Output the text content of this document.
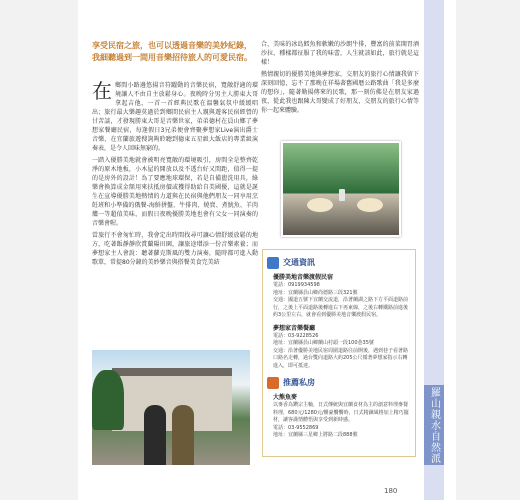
羅山親水自然派
享受民宿之旅，也可以透過音樂的美妙紀錄，我細聽過到一間用音樂招待旅人的可愛民宿。

在鄉間小路邊悠揚音符躍動的音樂民宿，寬敞舒適的環境讓人不由自主放鬆身心。夜晚時分男主人勝東大哥拿起吉他，一首一首經典民歌在溫馨氣氛中緩緩唱出；旅行最大樂趣莫過於到鄉間民宿主人親與遊客民宿經營的甘苦談，才發現勝東大哥是音樂世家，弟弟德村在員山鄉了夢想家餐廳民宿，每逢假日3兄弟便會齊聚夢想家Live演出爵士音樂，在宜蘭旅遊搜詢夠聆聽到德東五星級大飯店的專業級演奏表，是令人回味無窮的。

一踏入優勝美地就會被明亮寬敞的環境吸引，房間全是整齊乾淨的原木地板，小木屋的開放以及不透台好又間距，值得一提的是房外的設計！為了要應地球環保，若是自備盥洗用具，綠樂會換算成金額用來扶抵房價或獲得助給自美國優，這就是誕生在宣導優勝美地熱情的力道與在民宿與他們朋友一同享用烹飪班和小準備的俄餐-海鮮拼盤、牛排肉、燒賣、煮魷魚、羊肉爐一等超值美味，而假日夜晚優勝美地也會有父女一同演奏的音樂會喔。

當旅行不會匆忙時，我會定出時間找尋可讓心情舒緩放鬆的地方，吃著飯靜靜欣賞蘭陽田園，讓旅途增添一份音樂素養；而夢想家主人會說：聽著蘿克斯風的雙力演奏，隨時都可進入動歌單，常提80分鐘的美妙樂音與搭餐美食完美結

合，美味的冰島鱈魚和軟嫩的沙朗牛排，豐富的前菜開胃酒沙拉，種樣都征服了我的味蕾，人生就該如此，旅行就是這樣！

熱情親切的優勝美地與夢想家，交朋友的旅行心情讓我留下深刻回憶，忘不了那晚在祥場著舊國曆公路歌曲「我是多麼的想你」，隨著勤揚傳來的民歌，那一刻仿佛是在朋友家過夜，從此我也跟陳大哥變成了好朋友，交朋友的旅行心情等你一起來體驗。

交通資訊
優勝美地音樂渡假民宿
電話：0919934598
地址：宜蘭縣員山鄉尚德路三段321號
交通：國道五號下宜蘭交流道，沿著蘭湖之路下方平面道路前行，之後上平面道路後轉進右下再東線，之後右轉鐵路前進後約3公里左右，就會看到優勝美地音樂渡假民宿。
夢想家音樂餐廳
電話：03-9228526
地址：宜蘭縣員山鄉蘭山村頭一段100巷35號
交通：沿著優勝美地民宿周圍道路往前開後，遇到巷子看著路口路名走轉，過台雙向道路大約205公尺循著夢想家指示右轉進入，即可抵達。
推薦私房
大熊魚麥
以麥香為鑽宗主軸，日式傳統與宜蘭食材為主的創意料理麥餐料理，680元/1280元/櫃豪饗饗時，日式精鍊風格加上精巧擺材，讓客滿情體悟與享受到新時感。
電話：03-9552869
地址：宜蘭縣三星鄉上將路二段888號
180
